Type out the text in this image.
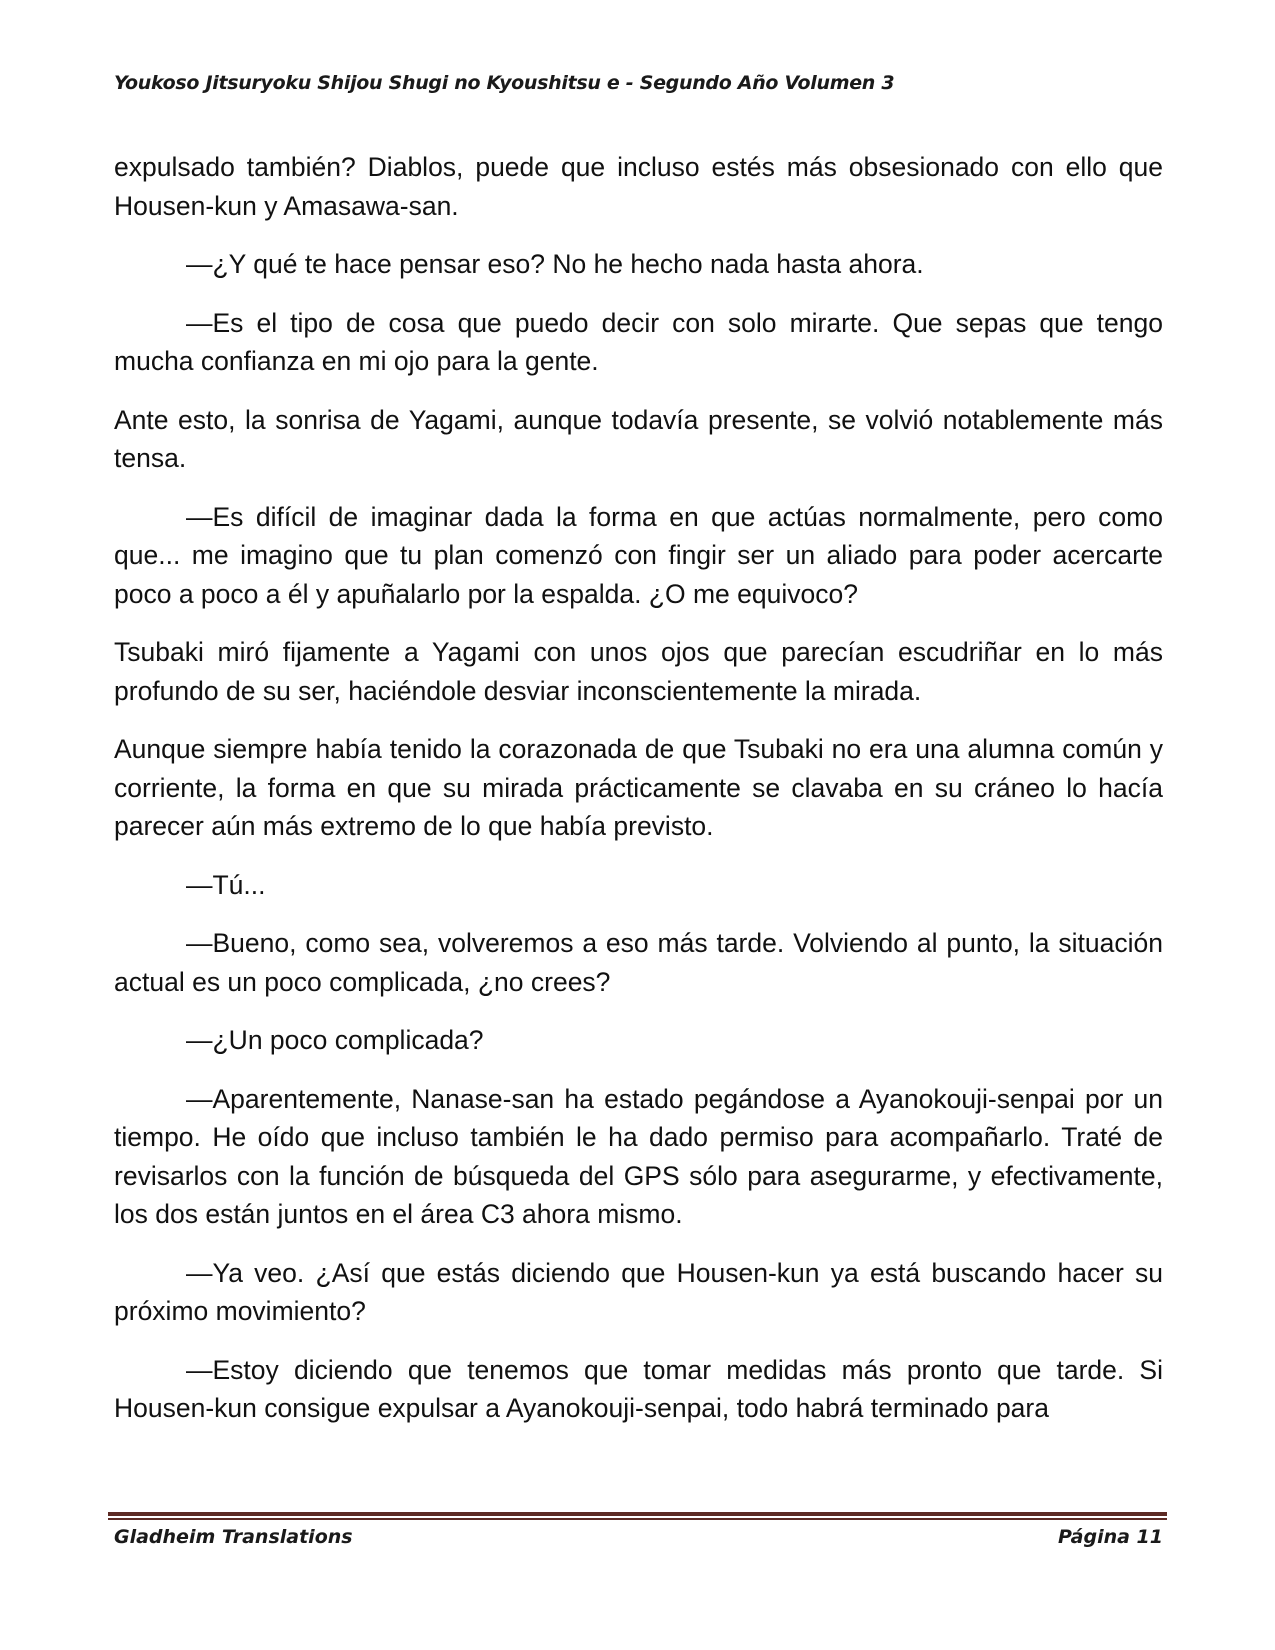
Youkoso Jitsuryoku Shijou Shugi no Kyoushitsu e - Segundo Año Volumen 3

expulsado también? Diablos, puede que incluso estés más obsesionado con ello que Housen-kun y Amasawa-san.

—¿Y qué te hace pensar eso? No he hecho nada hasta ahora.

—Es el tipo de cosa que puedo decir con solo mirarte. Que sepas que tengo mucha confianza en mi ojo para la gente.

Ante esto, la sonrisa de Yagami, aunque todavía presente, se volvió notablemente más tensa.

—Es difícil de imaginar dada la forma en que actúas normalmente, pero como que... me imagino que tu plan comenzó con fingir ser un aliado para poder acercarte poco a poco a él y apuñalarlo por la espalda. ¿O me equivoco?

Tsubaki miró fijamente a Yagami con unos ojos que parecían escudriñar en lo más profundo de su ser, haciéndole desviar inconscientemente la mirada.

Aunque siempre había tenido la corazonada de que Tsubaki no era una alumna común y corriente, la forma en que su mirada prácticamente se clavaba en su cráneo lo hacía parecer aún más extremo de lo que había previsto.

—Tú...

—Bueno, como sea, volveremos a eso más tarde. Volviendo al punto, la situación actual es un poco complicada, ¿no crees?

—¿Un poco complicada?

—Aparentemente, Nanase-san ha estado pegándose a Ayanokouji-senpai por un tiempo. He oído que incluso también le ha dado permiso para acompañarlo. Traté de revisarlos con la función de búsqueda del GPS sólo para asegurarme, y efectivamente, los dos están juntos en el área C3 ahora mismo.

—Ya veo. ¿Así que estás diciendo que Housen-kun ya está buscando hacer su próximo movimiento?

—Estoy diciendo que tenemos que tomar medidas más pronto que tarde. Si Housen-kun consigue expulsar a Ayanokouji-senpai, todo habrá terminado para

Gladheim Translations	Página 11
